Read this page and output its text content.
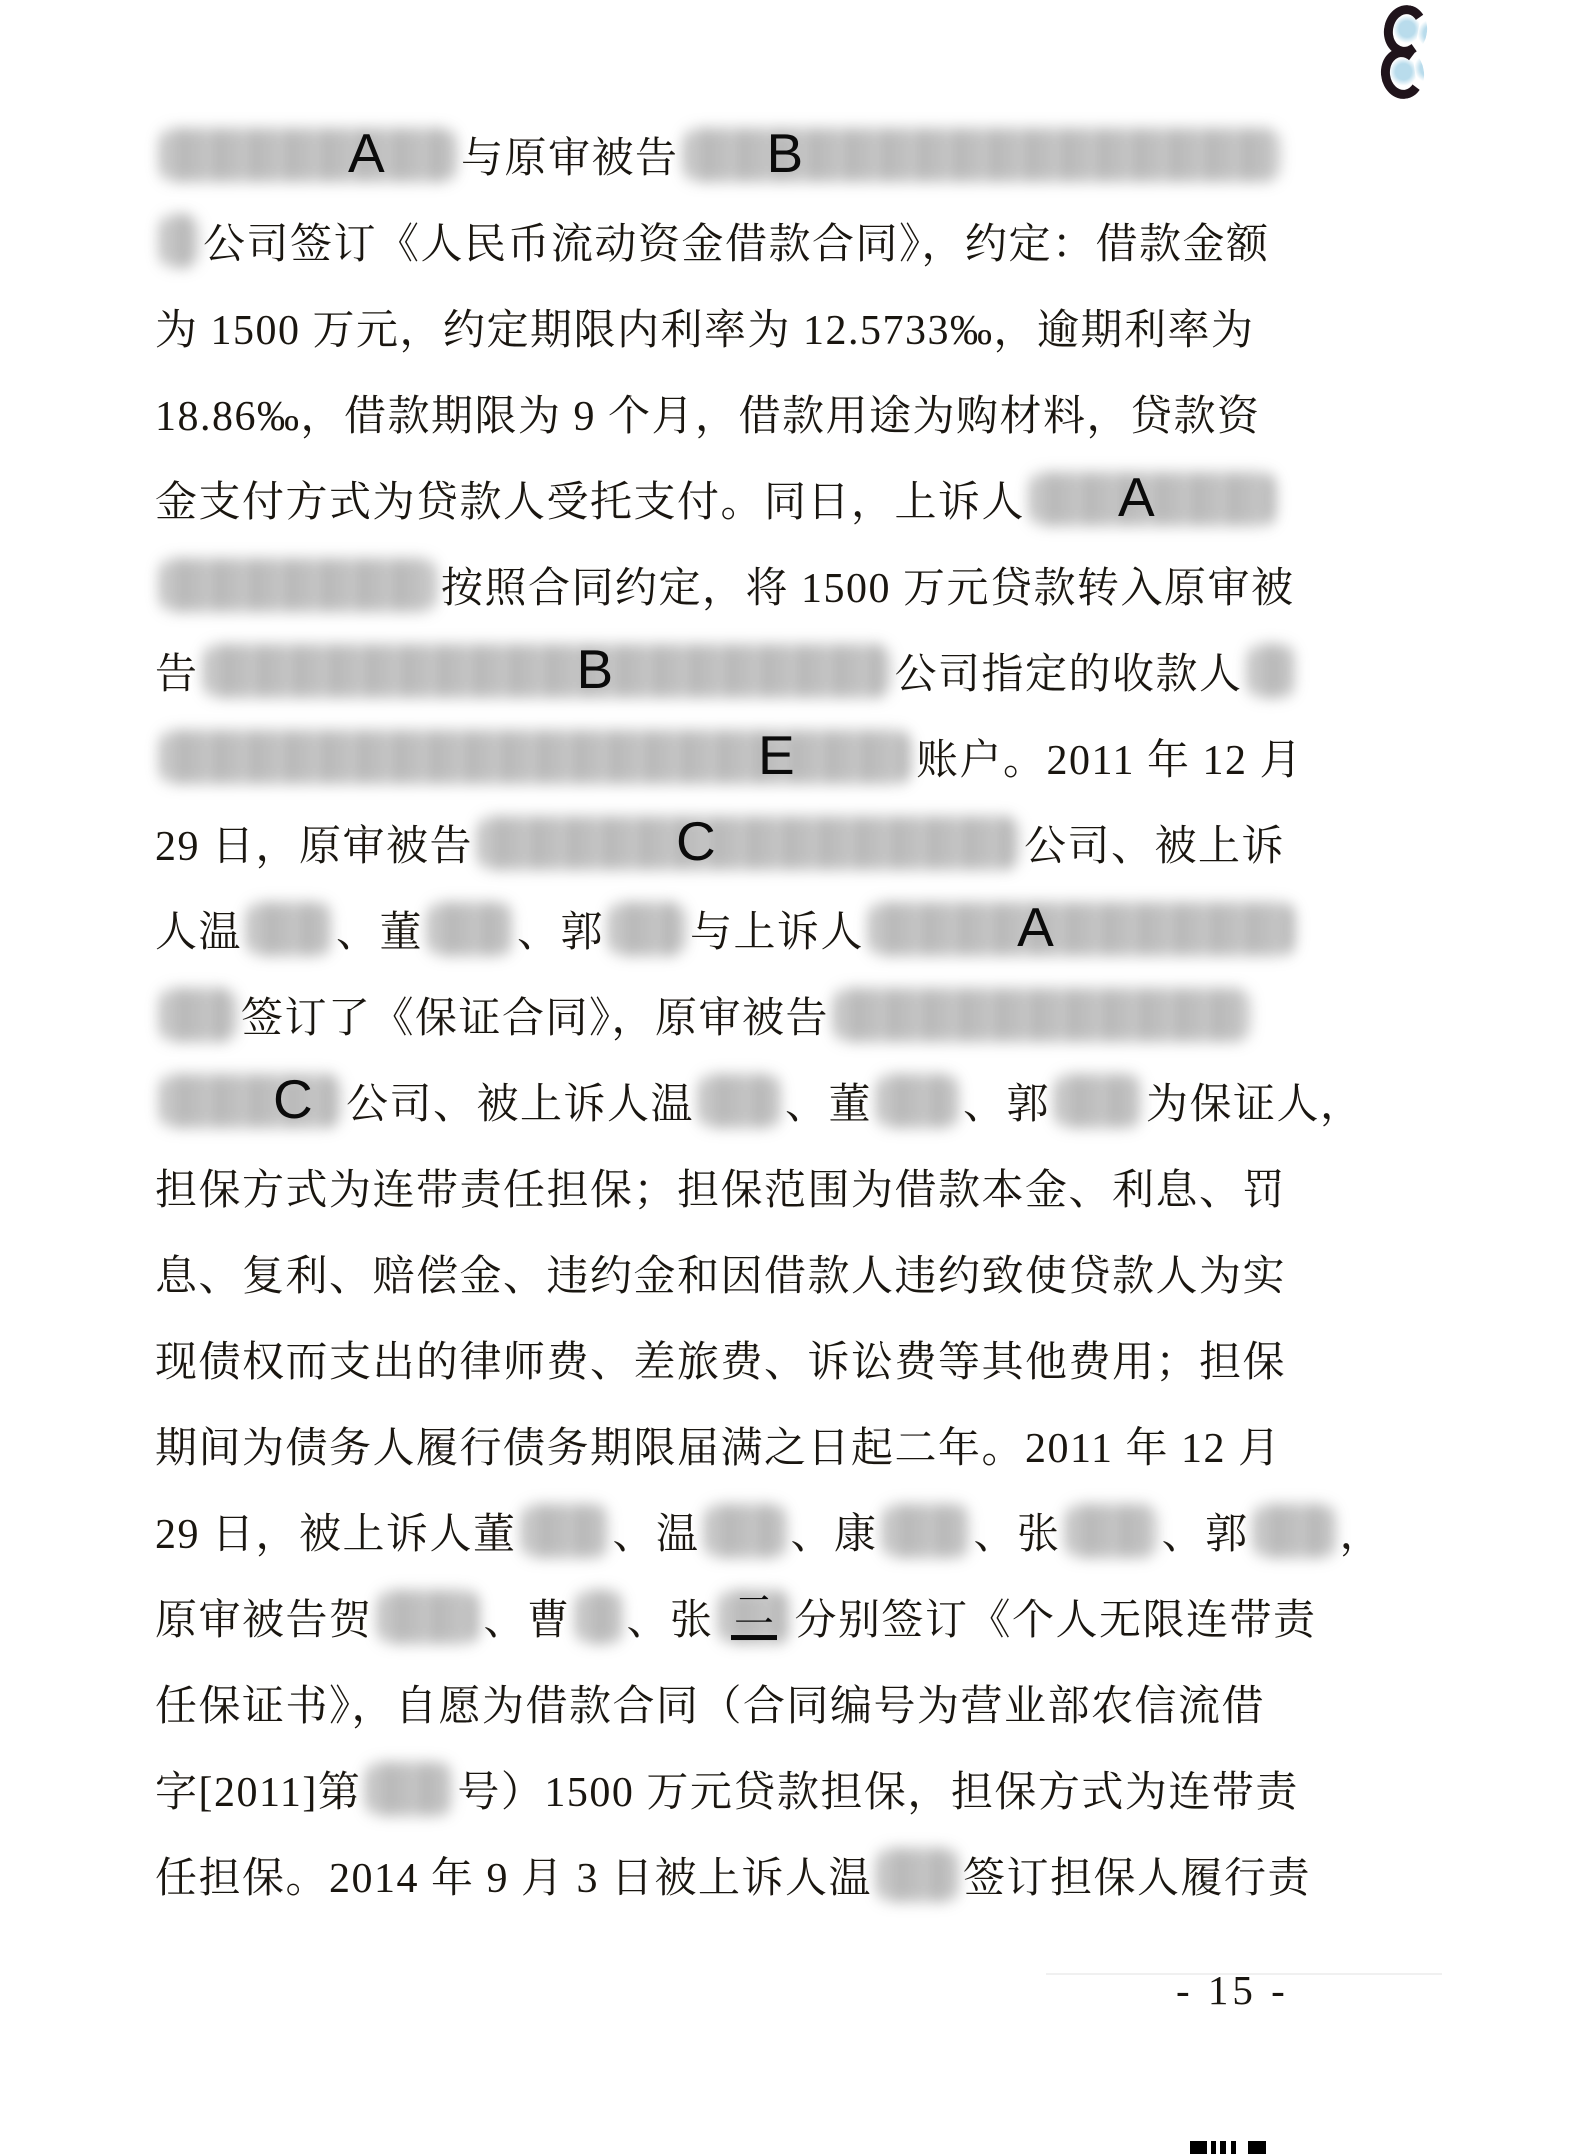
A 与原审被告 B
公司签订《人民币流动资金借款合同》，约定：借款金额
为 1500 万元，约定期限内利率为 12.5733‰，逾期利率为
18.86‰，借款期限为 9 个月，借款用途为购材料，贷款资
金支付方式为贷款人受托支付。同日，上诉人 A
按照合同约定，将 1500 万元贷款转入原审被
告	B	公司指定的收款人
E	账户。2011 年 12 月
29 日，原审被告	C	公司、被上诉
人温 、董 、郭 与上诉人	A
签订了《保证合同》，原审被告
C 公司、被上诉人温 、董 、郭 为保证人，
担保方式为连带责任担保；担保范围为借款本金、利息、罚
息、复利、赔偿金、违约金和因借款人违约致使贷款人为实
现债权而支出的律师费、差旅费、诉讼费等其他费用；担保
期间为债务人履行债务期限届满之日起二年。2011 年 12 月
29 日，被上诉人董 、温 、康 、张 、郭 ，
原审被告贺	、曹 、张 二 分别签订《个人无限连带责
任保证书》，自愿为借款合同（合同编号为营业部农信流借
字[2011]第 号）1500 万元贷款担保，担保方式为连带责
任担保。2014 年 9 月 3 日被上诉人温 签订担保人履行责
- 15 -
